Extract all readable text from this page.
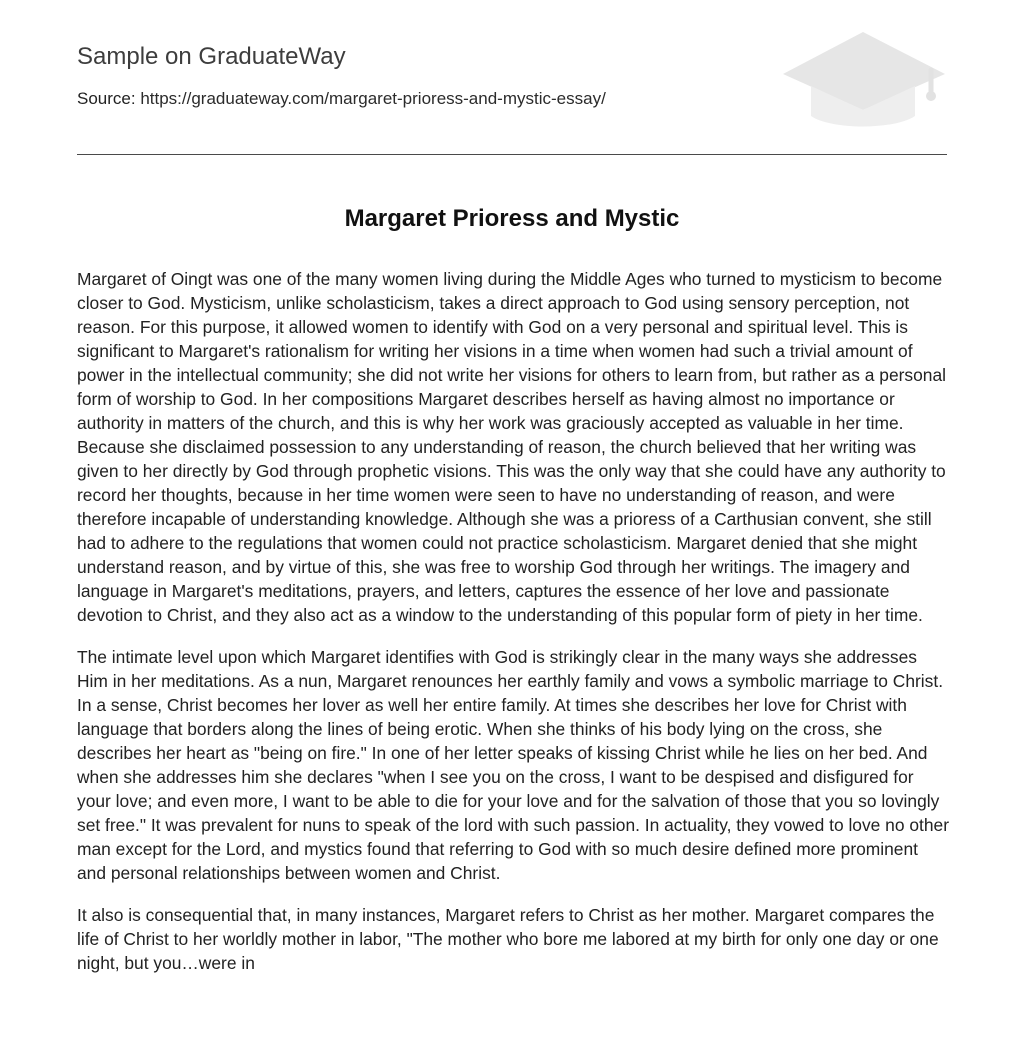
Sample on GraduateWay
Source: https://graduateway.com/margaret-prioress-and-mystic-essay/
Margaret Prioress and Mystic

Margaret of Oingt was one of the many women living during the Middle Ages who turned to mysticism to become closer to God. Mysticism, unlike scholasticism, takes a direct approach to God using sensory perception, not reason. For this purpose, it allowed women to identify with God on a very personal and spiritual level. This is significant to Margaret's rationalism for writing her visions in a time when women had such a trivial amount of power in the intellectual community; she did not write her visions for others to learn from, but rather as a personal form of worship to God. In her compositions Margaret describes herself as having almost no importance or authority in matters of the church, and this is why her work was graciously accepted as valuable in her time. Because she disclaimed possession to any understanding of reason, the church believed that her writing was given to her directly by God through prophetic visions. This was the only way that she could have any authority to record her thoughts, because in her time women were seen to have no understanding of reason, and were therefore incapable of understanding knowledge. Although she was a prioress of a Carthusian convent, she still had to adhere to the regulations that women could not practice scholasticism. Margaret denied that she might understand reason, and by virtue of this, she was free to worship God through her writings. The imagery and language in Margaret's meditations, prayers, and letters, captures the essence of her love and passionate devotion to Christ, and they also act as a window to the understanding of this popular form of piety in her time.

The intimate level upon which Margaret identifies with God is strikingly clear in the many ways she addresses Him in her meditations. As a nun, Margaret renounces her earthly family and vows a symbolic marriage to Christ. In a sense, Christ becomes her lover as well her entire family. At times she describes her love for Christ with language that borders along the lines of being erotic. When she thinks of his body lying on the cross, she describes her heart as "being on fire." In one of her letter speaks of kissing Christ while he lies on her bed. And when she addresses him she declares "when I see you on the cross, I want to be despised and disfigured for your love; and even more, I want to be able to die for your love and for the salvation of those that you so lovingly set free." It was prevalent for nuns to speak of the lord with such passion. In actuality, they vowed to love no other man except for the Lord, and mystics found that referring to God with so much desire defined more prominent and personal relationships between women and Christ.

It also is consequential that, in many instances, Margaret refers to Christ as her mother. Margaret compares the life of Christ to her worldly mother in labor, "The mother who bore me labored at my birth for only one day or one night, but you…were in
